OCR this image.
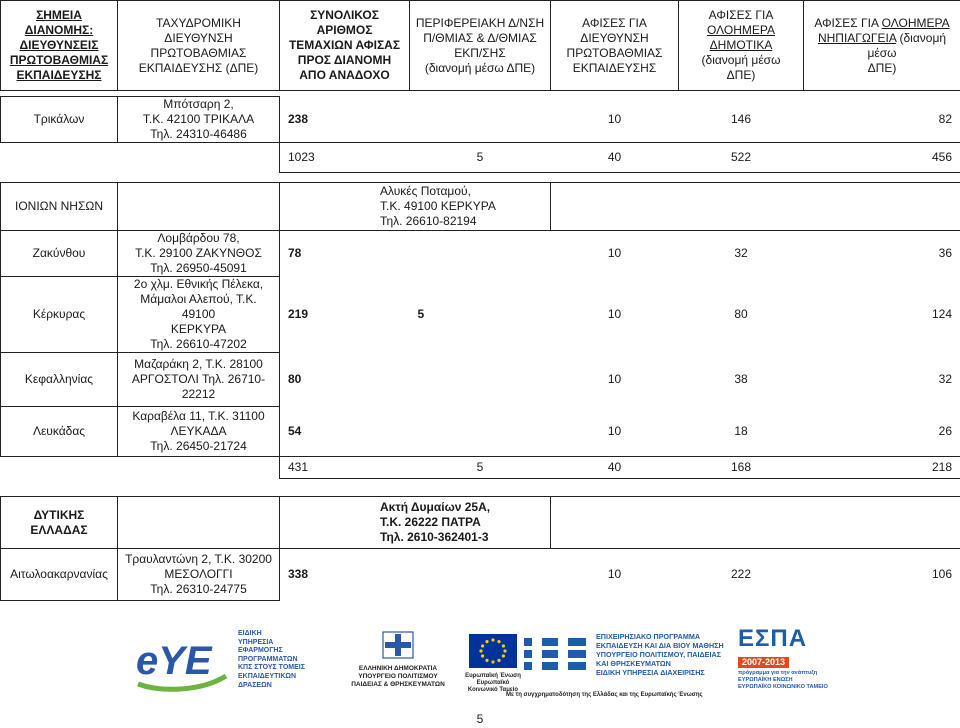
ΣΗΜΕΙΑ
ΔΙΑΝΟΜΗΣ:
ΔΙΕΥΘΥΝΣΕΙΣ
ΠΡΩΤΟΒΑΘΜΙΑΣ
ΕΚΠΑΙΔΕΥΣΗΣ

ΤΑΧΥΔΡΟΜΙΚΗ ΔΙΕΥΘΥΝΣΗ
ΠΡΩΤΟΒΑΘΜΙΑΣ
ΕΚΠΑΙΔΕΥΣΗΣ (ΔΠΕ)

ΣΥΝΟΛΙΚΟΣ
ΑΡΙΘΜΟΣ
ΤΕΜΑΧΙΩΝ ΑΦΙΣΑΣ
ΠΡΟΣ ΔΙΑΝΟΜΗ
ΑΠΟ ΑΝΑΔΟΧΟ

ΠΕΡΙΦΕΡΕΙΑΚΗ Δ/ΝΣΗ
Π/ΘΜΙΑΣ & Δ/ΘΜΙΑΣ
ΕΚΠ/ΣΗΣ
(διανομή μέσω ΔΠΕ)

ΑΦΙΣΕΣ ΓΙΑ
ΔΙΕΥΘΥΝΣΗ
ΠΡΩΤΟΒΑΘΜΙΑΣ
ΕΚΠΑΙΔΕΥΣΗΣ

ΑΦΙΣΕΣ ΓΙΑ
ΟΛΟΗΜΕΡΑ
ΔΗΜΟΤΙΚΑ
(διανομή μέσω
ΔΠΕ)

ΑΦΙΣΕΣ ΓΙΑ ΟΛΟΗΜΕΡΑ
ΝΗΠΙΑΓΩΓΕΙΑ (διανομή μέσω
ΔΠΕ)
Τρικάλων	Μπότσαρη 2,
Τ.Κ. 42100 ΤΡΙΚΑΛΑ
Τηλ. 24310-46486	238		10	146	82
		1023	5	40	522	456
ΙΟΝΙΩΝ ΝΗΣΩΝ		Αλυκές Ποταμού,
Τ.Κ. 49100 ΚΕΡΚΥΡΑ
Τηλ. 26610-82194				

Ζακύνθου	Λομβάρδου 78,
Τ.Κ. 29100 ΖΑΚΥΝΘΟΣ
Τηλ. 26950-45091	78		10	32	36
Κέρκυρας	2ο χλμ. Εθνικής Πέλεκα,
Μάμαλοι Αλεπού, Τ.Κ. 49100
ΚΕΡΚΥΡΑ
Τηλ. 26610-47202	219	5	10	80	124
Κεφαλληνίας	Μαζαράκη 2, Τ.Κ. 28100
ΑΡΓΟΣΤΟΛΙ Τηλ. 26710-
22212	80		10	38	32
Λευκάδας	Καραβέλα 11, Τ.Κ. 31100
ΛΕΥΚΑΔΑ
Τηλ. 26450-21724	54		10	18	26
		431	5	40	168	218
ΔΥΤΙΚΗΣ ΕΛΛΑΔΑΣ		Ακτή Δυμαίων 25Α,
Τ.Κ. 26222 ΠΑΤΡΑ
Τηλ. 2610-362401-3				

Αιτωλοακαρνανίας	Τραυλαντώνη 2, Τ.Κ. 30200
ΜΕΣΟΛΟΓΓΙ
Τηλ. 26310-24775	338		10	222	106
eYE
ΕΙΔΙΚΗ
ΥΠΗΡΕΣΙΑ
ΕΦΑΡΜΟΓΗΣ
ΠΡΟΓΡΑΜΜΑΤΩΝ
ΚΠΣ ΣΤΟΥΣ ΤΟΜΕΙΣ
ΕΚΠΑΙΔΕΥΤΙΚΩΝ
ΔΡΑΣΕΩΝ
ΕΛΛΗΝΙΚΗ ΔΗΜΟΚΡΑΤΙΑ
ΥΠΟΥΡΓΕΙΟ ΠΟΛΙΤΙΣΜΟΥ
ΠΑΙΔΕΙΑΣ & ΘΡΗΣΚΕΥΜΑΤΩΝ
Ευρωπαϊκή Ένωση
Ευρωπαϊκό Κοινωνικό Ταμείο
ΕΠΙΧΕΙΡΗΣΙΑΚΟ ΠΡΟΓΡΑΜΜΑ
ΕΚΠΑΙΔΕΥΣΗ ΚΑΙ ΔΙΑ ΒΙΟΥ ΜΑΘΗΣΗ
ΥΠΟΥΡΓΕΙΟ ΠΟΛΙΤΙΣΜΟΥ, ΠΑΙΔΕΙΑΣ ΚΑΙ ΘΡΗΣΚΕΥΜΑΤΩΝ
ΕΙΔΙΚΗ ΥΠΗΡΕΣΙΑ ΔΙΑΧΕΙΡΙΣΗΣ
Με τη συγχρηματοδότηση της Ελλάδας και της Ευρωπαϊκής Ένωσης
ΕΣΠΑ
2007-2013
πρόγραμμα για την ανάπτυξη
ΕΥΡΩΠΑΪΚΗ ΕΝΩΣΗ
ΕΥΡΩΠΑΪΚΟ ΚΟΙΝΩΝΙΚΟ ΤΑΜΕΙΟ
5
